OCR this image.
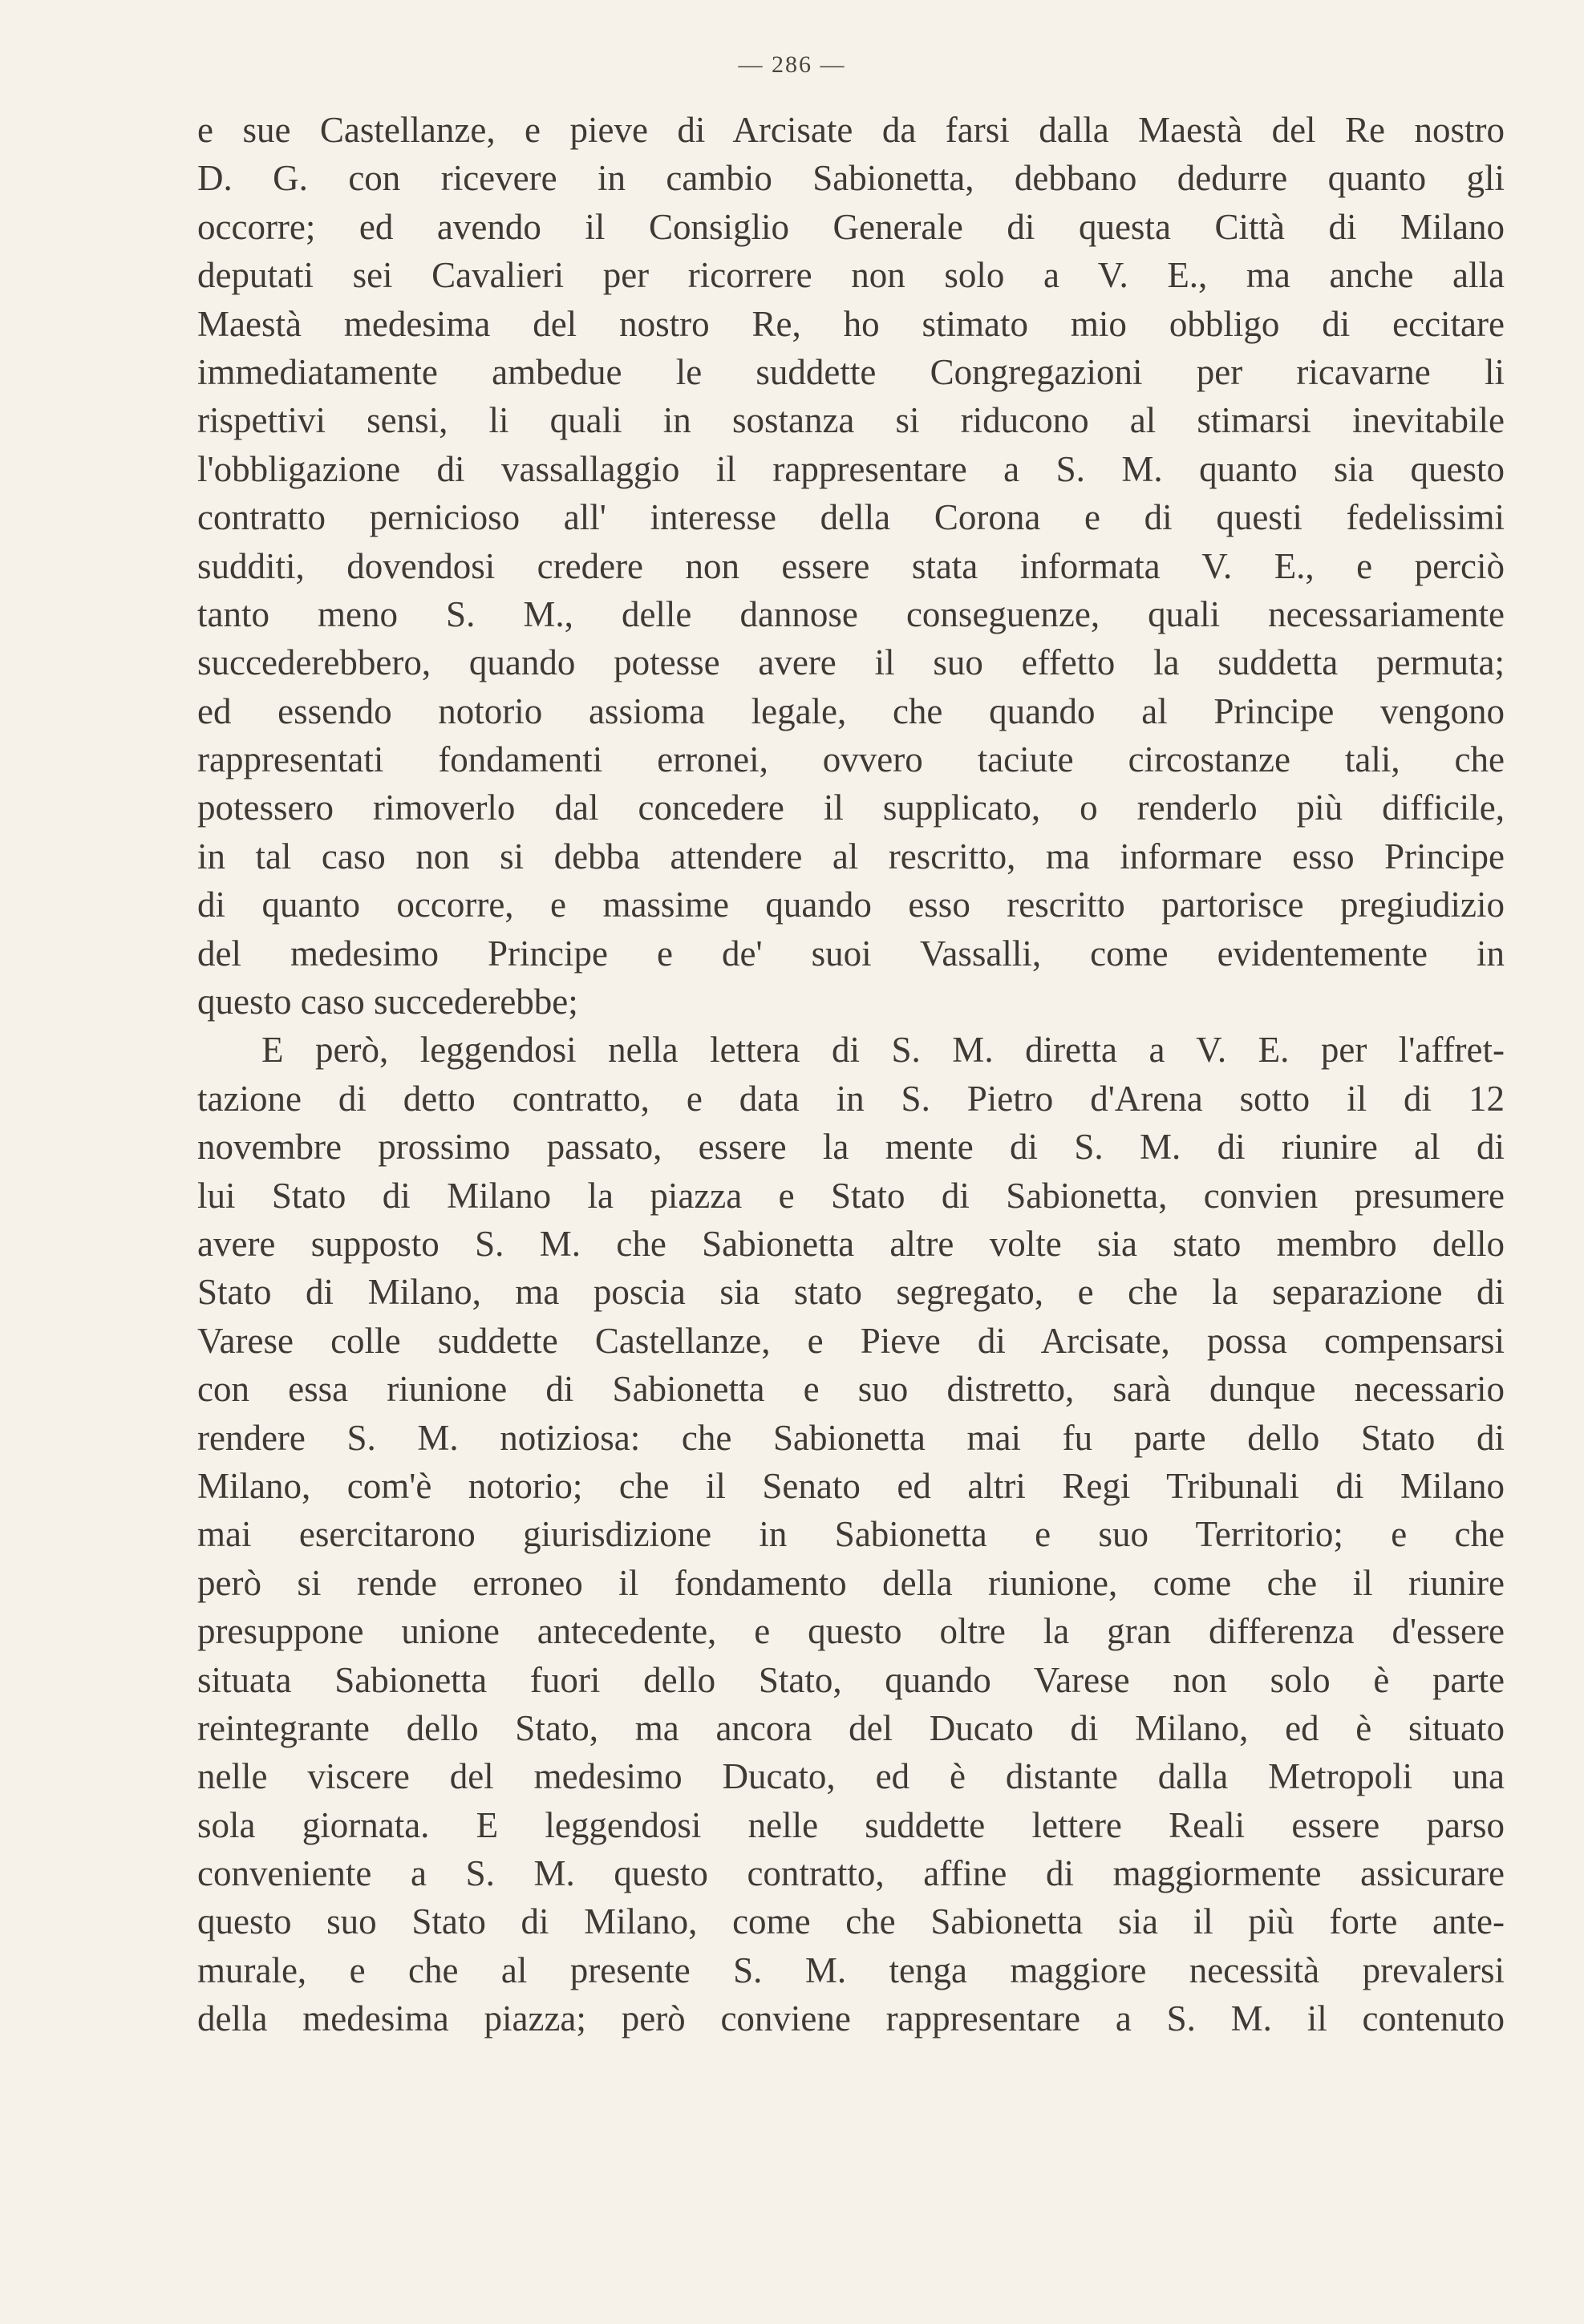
— 286 —
e sue Castellanze, e pieve di Arcisate da farsi dalla Maestà del Re nostro
D. G. con ricevere in cambio Sabionetta, debbano dedurre quanto gli
occorre; ed avendo il Consiglio Generale di questa Città di Milano
deputati sei Cavalieri per ricorrere non solo a V. E., ma anche alla
Maestà medesima del nostro Re, ho stimato mio obbligo di eccitare
immediatamente ambedue le suddette Congregazioni per ricavarne li
rispettivi sensi, li quali in sostanza si riducono al stimarsi inevitabile
l'obbligazione di vassallaggio il rappresentare a S. M. quanto sia questo
contratto pernicioso all' interesse della Corona e di questi fedelissimi
sudditi, dovendosi credere non essere stata informata V. E., e perciò
tanto meno S. M., delle dannose conseguenze, quali necessariamente
succederebbero, quando potesse avere il suo effetto la suddetta permuta;
ed essendo notorio assioma legale, che quando al Principe vengono
rappresentati fondamenti erronei, ovvero taciute circostanze tali, che
potessero rimoverlo dal concedere il supplicato, o renderlo più difficile,
in tal caso non si debba attendere al rescritto, ma informare esso Principe
di quanto occorre, e massime quando esso rescritto partorisce pregiudizio
del medesimo Principe e de' suoi Vassalli, come evidentemente in
questo caso succederebbe;
E però, leggendosi nella lettera di S. M. diretta a V. E. per l'affret-
tazione di detto contratto, e data in S. Pietro d'Arena sotto il di 12
novembre prossimo passato, essere la mente di S. M. di riunire al di
lui Stato di Milano la piazza e Stato di Sabionetta, convien presumere
avere supposto S. M. che Sabionetta altre volte sia stato membro dello
Stato di Milano, ma poscia sia stato segregato, e che la separazione di
Varese colle suddette Castellanze, e Pieve di Arcisate, possa compensarsi
con essa riunione di Sabionetta e suo distretto, sarà dunque necessario
rendere S. M. notiziosa: che Sabionetta mai fu parte dello Stato di
Milano, com'è notorio; che il Senato ed altri Regi Tribunali di Milano
mai esercitarono giurisdizione in Sabionetta e suo Territorio; e che
però si rende erroneo il fondamento della riunione, come che il riunire
presuppone unione antecedente, e questo oltre la gran differenza d'essere
situata Sabionetta fuori dello Stato, quando Varese non solo è parte
reintegrante dello Stato, ma ancora del Ducato di Milano, ed è situato
nelle viscere del medesimo Ducato, ed è distante dalla Metropoli una
sola giornata. E leggendosi nelle suddette lettere Reali essere parso
conveniente a S. M. questo contratto, affine di maggiormente assicurare
questo suo Stato di Milano, come che Sabionetta sia il più forte ante-
murale, e che al presente S. M. tenga maggiore necessità prevalersi
della medesima piazza; però conviene rappresentare a S. M. il contenuto
